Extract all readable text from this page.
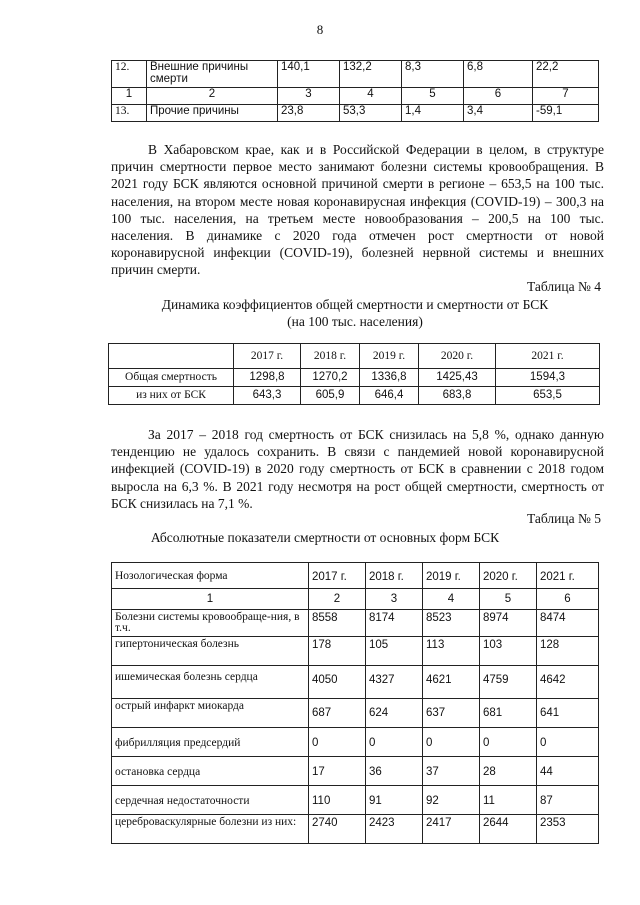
8
12.	Внешние причины смерти	140,1	132,2	8,3	6,8	22,2
1	2	3	4	5	6	7
13.	Прочие причины	23,8	53,3	1,4	3,4	-59,1
В Хабаровском крае, как и в Российской Федерации в целом, в структуре причин смертности первое место занимают болезни системы кровообращения. В 2021 году БСК являются основной причиной смерти в регионе – 653,5 на 100 тыс. населения, на втором месте новая коронавирусная инфекция (COVID-19) – 300,3 на 100 тыс. населения, на третьем месте новообразования – 200,5 на 100 тыс. населения. В динамике с 2020 года отмечен рост смертности от новой коронавирусной инфекции (COVID-19), болезней нервной системы и внешних причин смерти.
Таблица № 4
Динамика коэффициентов общей смертности и смертности от БСК
(на 100 тыс. населения)
	2017 г.	2018 г.	2019 г.	2020 г.	2021 г.
Общая смертность	1298,8	1270,2	1336,8	1425,43	1594,3
из них от БСК	643,3	605,9	646,4	683,8	653,5
За 2017 – 2018 год смертность от БСК снизилась на 5,8 %, однако данную тенденцию не удалось сохранить. В связи с пандемией новой коронавирусной инфекцией (COVID-19) в 2020 году смертность от БСК в сравнении с 2018 годом выросла на 6,3 %. В 2021 году несмотря на рост общей смертности, смертность от БСК снизилась на 7,1 %.
Таблица № 5
Абсолютные показатели смертности от основных форм БСК
Нозологическая форма	2017 г.	2018 г.	2019 г.	2020 г.	2021 г.
1	2	3	4	5	6
Болезни системы кровообраще-ния, в т.ч.	8558	8174	8523	8974	8474
гипертоническая болезнь	178	105	113	103	128
ишемическая болезнь сердца	4050	4327	4621	4759	4642
острый инфаркт миокарда	687	624	637	681	641
фибрилляция предсердий	0	0	0	0	0
остановка сердца	17	36	37	28	44
сердечная недостаточности	110	91	92	11	87
цереброваскулярные болезни из них:	2740	2423	2417	2644	2353
